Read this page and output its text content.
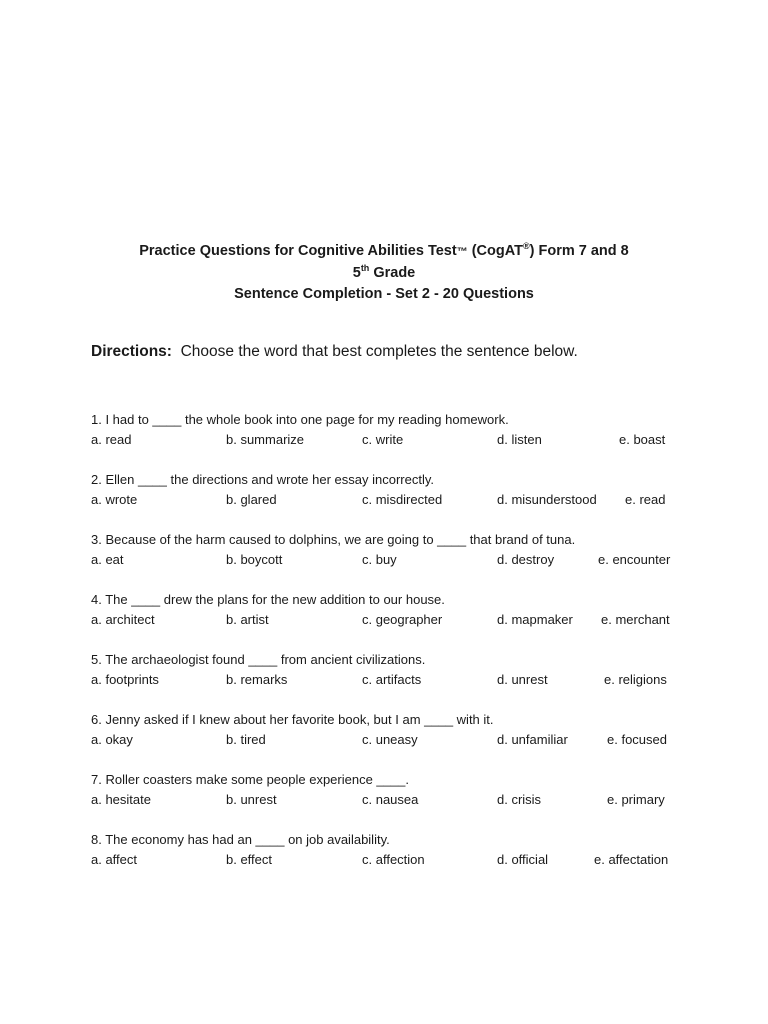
Practice Questions for Cognitive Abilities Test™ (CogAT®) Form 7 and 8
5th Grade
Sentence Completion - Set 2 - 20 Questions
Directions:  Choose the word that best completes the sentence below.
1. I had to ____ the whole book into one page for my reading homework.
a. read	b. summarize	c. write	d. listen	e. boast
2. Ellen ____ the directions and wrote her essay incorrectly.
a. wrote	b. glared	c. misdirected	d. misunderstood e. read
3. Because of the harm caused to dolphins, we are going to ____ that brand of tuna.
a. eat	b. boycott	c. buy	d. destroy	e. encounter
4. The ____ drew the plans for the new addition to our house.
a. architect	b. artist	c. geographer	d. mapmaker e. merchant
5. The archaeologist found ____ from ancient civilizations.
a. footprints	b. remarks	c. artifacts	d. unrest	e. religions
6. Jenny asked if I knew about her favorite book, but I am ____ with it.
a. okay	b. tired	c. uneasy	d. unfamiliar	e. focused
7. Roller coasters make some people experience ____.
a. hesitate	b. unrest	c. nausea	d. crisis	e. primary
8. The economy has had an ____ on job availability.
a. affect	b. effect	c. affection	d. official	e. affectation
